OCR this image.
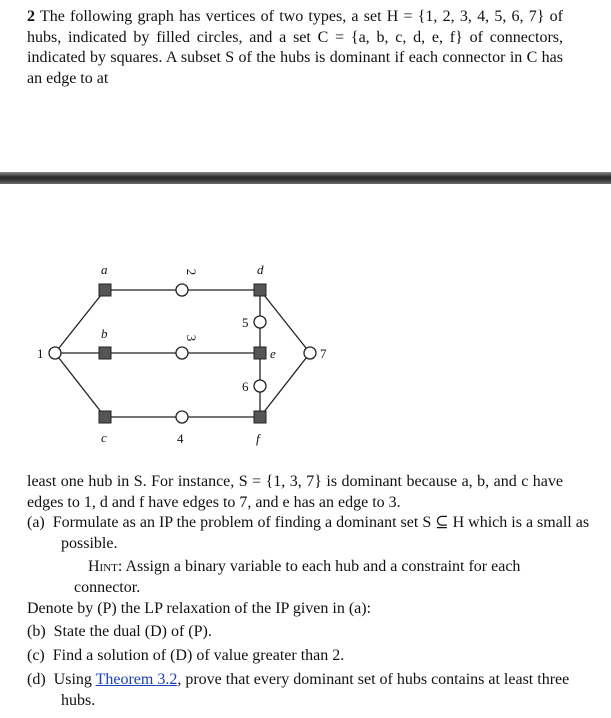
2 The following graph has vertices of two types, a set H = {1, 2, 3, 4, 5, 6, 7} of hubs, indicated by filled circles, and a set C = {a, b, c, d, e, f} of connectors, indicated by squares. A subset S of the hubs is dominant if each connector in C has an edge to at
1
2
3
4
5
6
7
a
b
c
d
e
f
least one hub in S. For instance, S = {1, 3, 7} is dominant because a, b, and c have edges to 1, d and f have edges to 7, and e has an edge to 3.
(a) Formulate as an IP the problem of finding a dominant set S ⊆ H which is a small as possible.
Hint: Assign a binary variable to each hub and a constraint for each connector.
Denote by (P) the LP relaxation of the IP given in (a):
(b) State the dual (D) of (P).
(c) Find a solution of (D) of value greater than 2.
(d) Using Theorem 3.2, prove that every dominant set of hubs contains at least three hubs.
